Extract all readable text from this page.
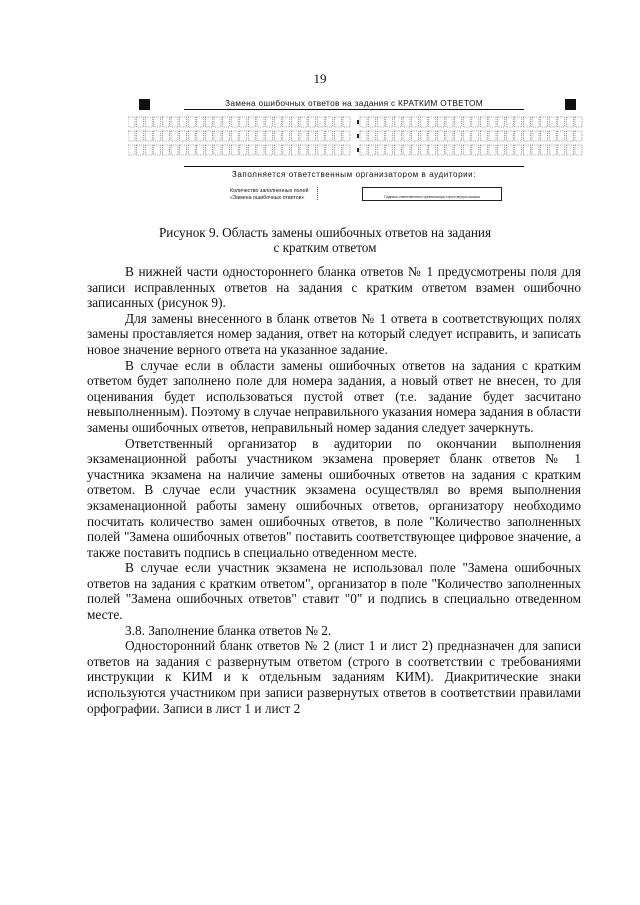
19
Замена ошибочных ответов на задания с КРАТКИМ ОТВЕТОМ
Заполняется ответственным организатором в аудитории:
Количество заполненных полей
«Замена ошибочных ответов»	Подпись ответственного организатора строго внутри окошка
Рисунок 9. Область замены ошибочных ответов на задания
с кратким ответом

В нижней части одностороннего бланка ответов № 1 предусмотрены поля для записи исправленных ответов на задания с кратким ответом взамен ошибочно записанных (рисунок 9).

Для замены внесенного в бланк ответов № 1 ответа в соответствующих полях замены проставляется номер задания, ответ на который следует исправить, и записать новое значение верного ответа на указанное задание.

В случае если в области замены ошибочных ответов на задания с кратким ответом будет заполнено поле для номера задания, а новый ответ не внесен, то для оценивания будет использоваться пустой ответ (т.е. задание будет засчитано невыполненным). Поэтому в случае неправильного указания номера задания в области замены ошибочных ответов, неправильный номер задания следует зачеркнуть.

Ответственный организатор в аудитории по окончании выполнения экзаменационной работы участником экзамена проверяет бланк ответов № 1 участника экзамена на наличие замены ошибочных ответов на задания с кратким ответом. В случае если участник экзамена осуществлял во время выполнения экзаменационной работы замену ошибочных ответов, организатору необходимо посчитать количество замен ошибочных ответов, в поле "Количество заполненных полей "Замена ошибочных ответов" поставить соответствующее цифровое значение, а также поставить подпись в специально отведенном месте.

В случае если участник экзамена не использовал поле "Замена ошибочных ответов на задания с кратким ответом", организатор в поле "Количество заполненных полей "Замена ошибочных ответов" ставит "0" и подпись в специально отведенном месте.

3.8. Заполнение бланка ответов № 2.

Односторонний бланк ответов № 2 (лист 1 и лист 2) предназначен для записи ответов на задания с развернутым ответом (строго в соответствии с требованиями инструкции к КИМ и к отдельным заданиям КИМ). Диакритические знаки используются участником при записи развернутых ответов в соответствии правилами орфографии. Записи в лист 1 и лист 2
